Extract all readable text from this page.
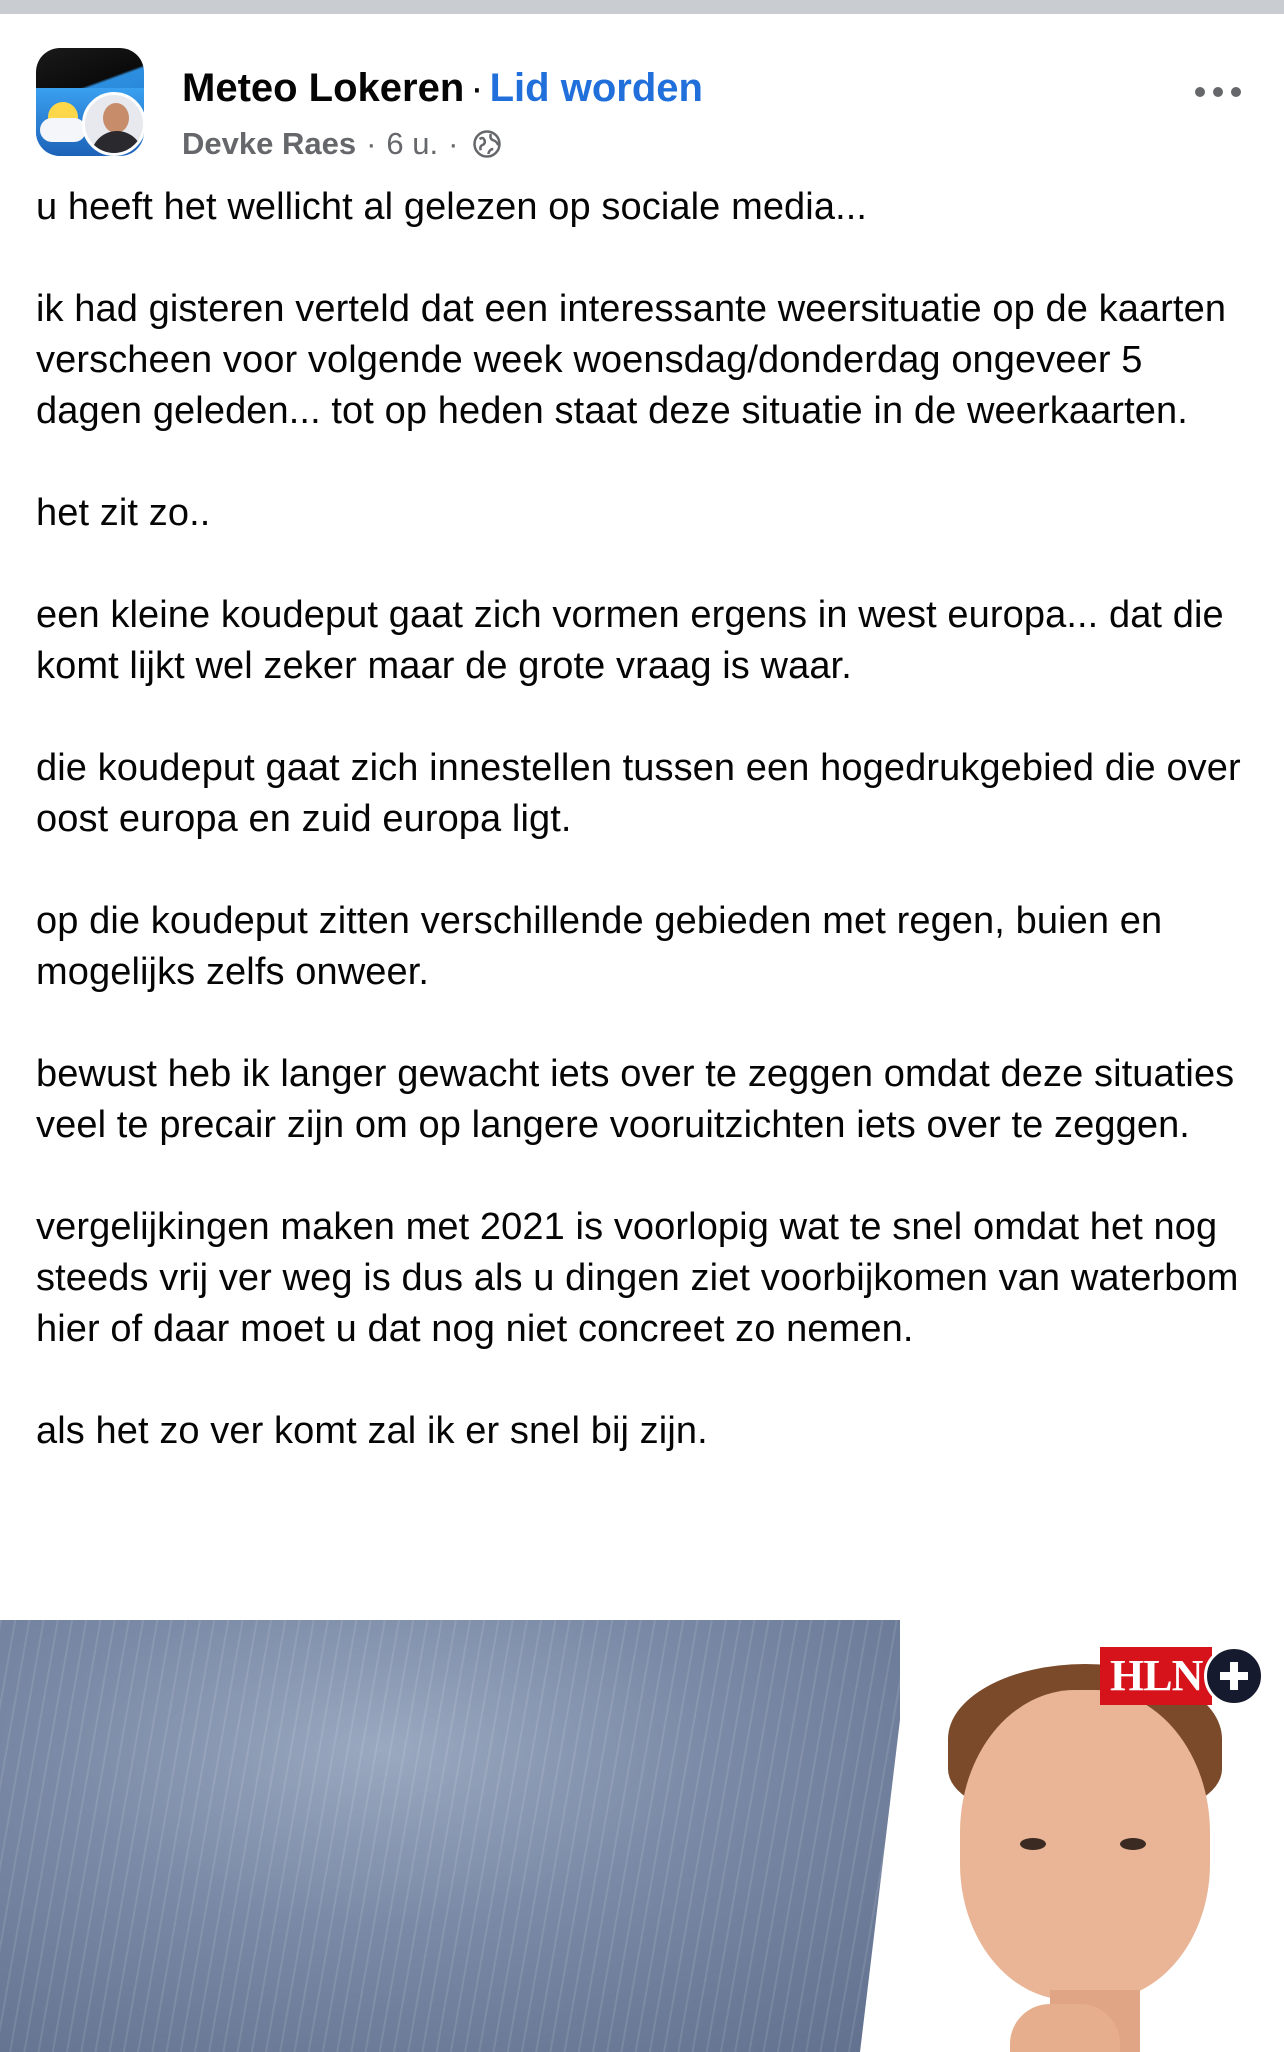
Meteo Lokeren · Lid worden
Devke Raes · 6 u. ·

u heeft het wellicht al gelezen op sociale media...

ik had gisteren verteld dat een interessante weersituatie op de kaarten verscheen voor volgende week woensdag/donderdag ongeveer 5 dagen geleden... tot op heden staat deze situatie in de weerkaarten.

het zit zo..

een kleine koudeput gaat zich vormen ergens in west europa... dat die komt lijkt wel zeker maar de grote vraag is waar.

die koudeput gaat zich innestellen tussen een hogedrukgebied die over oost europa en zuid europa ligt.

op die koudeput zitten verschillende gebieden met regen, buien en mogelijks zelfs onweer.

bewust heb ik langer gewacht iets over te zeggen omdat deze situaties veel te precair zijn om op langere vooruitzichten iets over te zeggen.

vergelijkingen maken met 2021 is voorlopig wat te snel omdat het nog steeds vrij ver weg is dus als u dingen ziet voorbijkomen van waterbom hier of daar moet u dat nog niet concreet zo nemen.

als het zo ver komt zal ik er snel bij zijn.

HLN
